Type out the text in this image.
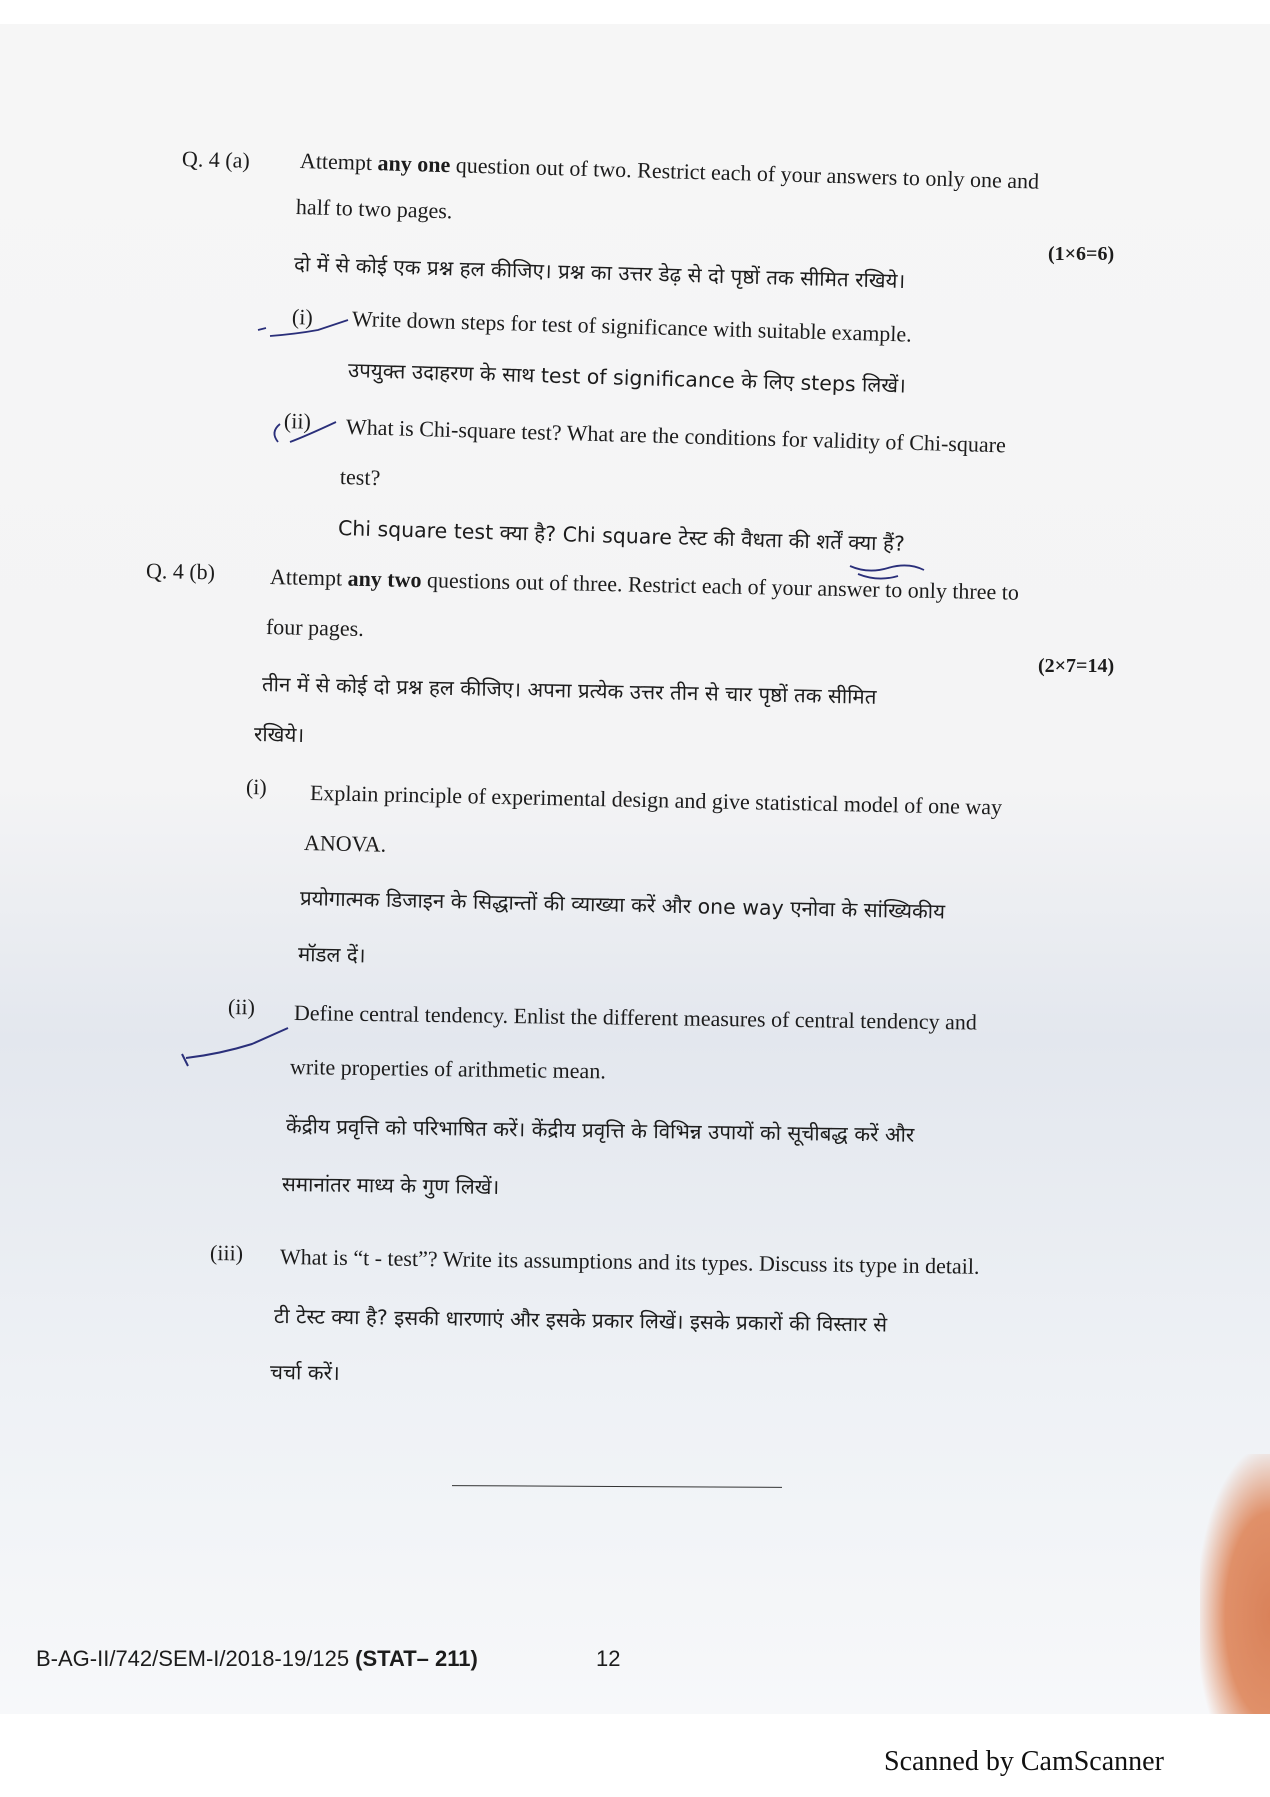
Q. 4 (a) Attempt any one question out of two. Restrict each of your answers to only one and
half to two pages.
(1×6=6)
दो में से कोई एक प्रश्न हल कीजिए। प्रश्न का उत्तर डेढ़ से दो पृष्ठों तक सीमित रखिये।
(i) Write down steps for test of significance with suitable example.
उपयुक्त उदाहरण के साथ test of significance के लिए steps लिखें।
(ii) What is Chi-square test? What are the conditions for validity of Chi-square
test?
Chi square test क्या है? Chi square टेस्ट की वैधता की शर्तें क्या हैं?
Q. 4 (b) Attempt any two questions out of three. Restrict each of your answer to only three to
four pages.
(2×7=14)
तीन में से कोई दो प्रश्न हल कीजिए। अपना प्रत्येक उत्तर तीन से चार पृष्ठों तक सीमित
रखिये।
(i) Explain principle of experimental design and give statistical model of one way
ANOVA.
प्रयोगात्मक डिजाइन के सिद्धान्तों की व्याख्या करें और one way एनोवा के सांख्यिकीय
मॉडल दें।
(ii) Define central tendency. Enlist the different measures of central tendency and
write properties of arithmetic mean.
केंद्रीय प्रवृत्ति को परिभाषित करें। केंद्रीय प्रवृत्ति के विभिन्न उपायों को सूचीबद्ध करें और
समानांतर माध्य के गुण लिखें।
(iii) What is “t - test”? Write its assumptions and its types. Discuss its type in detail.
टी टेस्ट क्या है? इसकी धारणाएं और इसके प्रकार लिखें। इसके प्रकारों की विस्तार से
चर्चा करें।
B-AG-II/742/SEM-I/2018-19/125 (STAT– 211)	12
Scanned by CamScanner
